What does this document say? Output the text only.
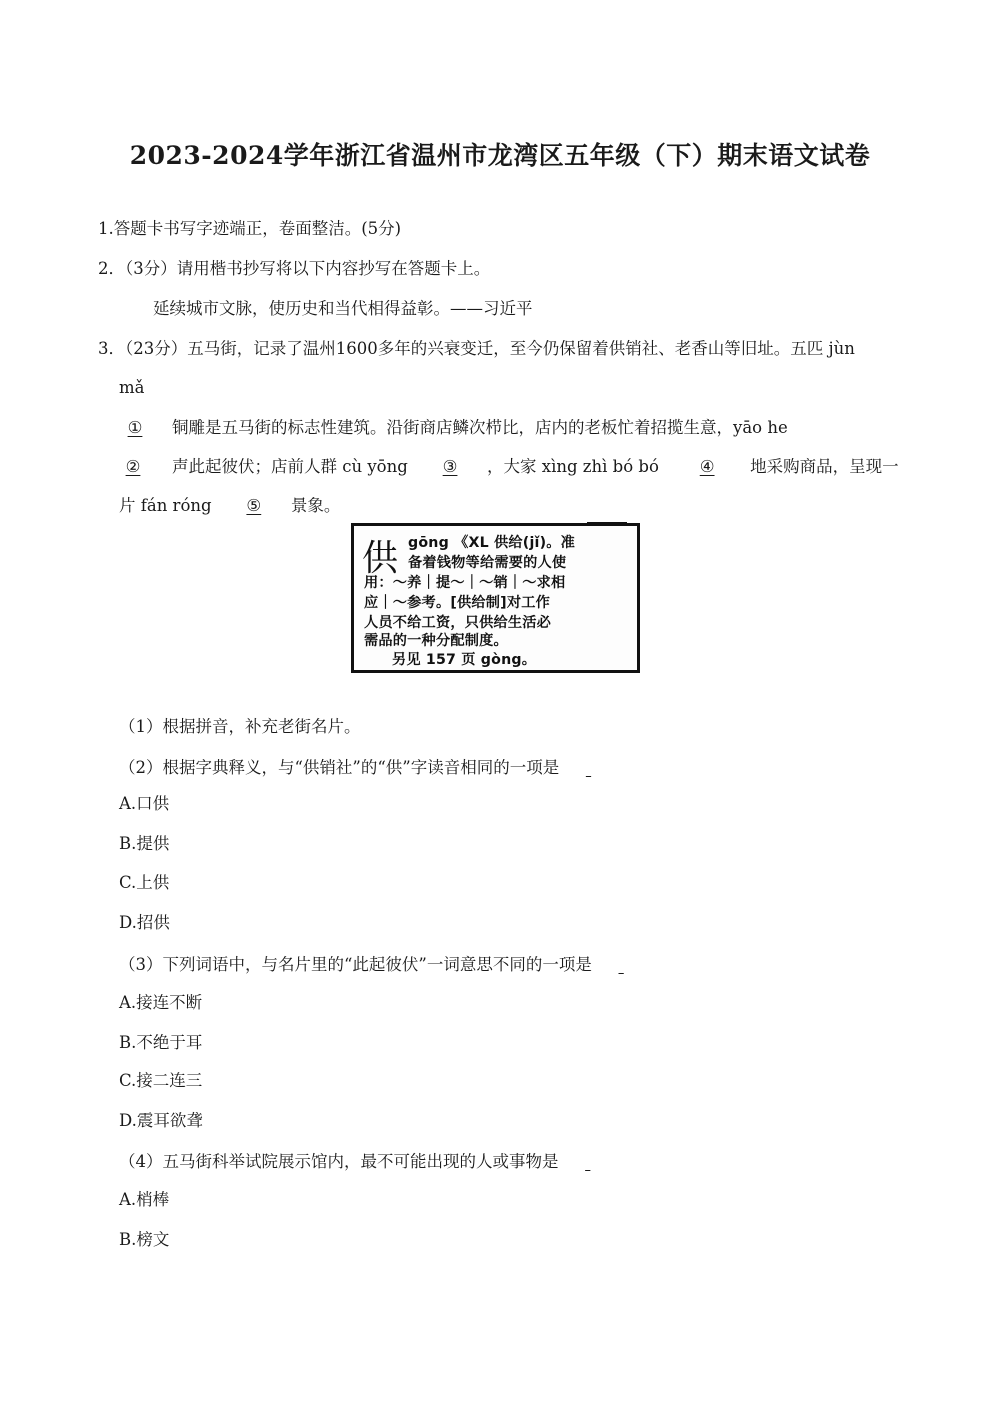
2023-2024学年浙江省温州市龙湾区五年级（下）期末语文试卷
1.答题卡书写字迹端正，卷面整洁。(5分)
2．（3分）请用楷书抄写将以下内容抄写在答题卡上。
延续城市文脉，使历史和当代相得益彰。——习近平
3．（23分）五马街，记录了温州1600多年的兴衰变迁，至今仍保留着供销社、老香山等旧址。五匹 jùn
mǎ
① 铜雕是五马街的标志性建筑。沿街商店鳞次栉比，店内的老板忙着招揽生意，yāo he
② 声此起彼伏；店前人群 cù yōng ③ ，大家 xìng zhì bó bó ④ 地采购商品，呈现一
片 fán róng ⑤ 景象。
供 gōng 《XL 供给(jǐ)。准
备着钱物等给需要的人使
用：～养｜提～｜～销｜～求相
应｜～参考。[供给制]对工作
人员不给工资，只供给生活必
需品的一种分配制度。
另见 157 页 gòng。
（1）根据拼音，补充老街名片。
（2）根据字典释义，与“供销社”的“供”字读音相同的一项是
A.口供
B.提供
C.上供
D.招供
（3）下列词语中，与名片里的“此起彼伏”一词意思不同的一项是
A.接连不断
B.不绝于耳
C.接二连三
D.震耳欲聋
（4）五马街科举试院展示馆内，最不可能出现的人或事物是
A.梢棒
B.榜文
